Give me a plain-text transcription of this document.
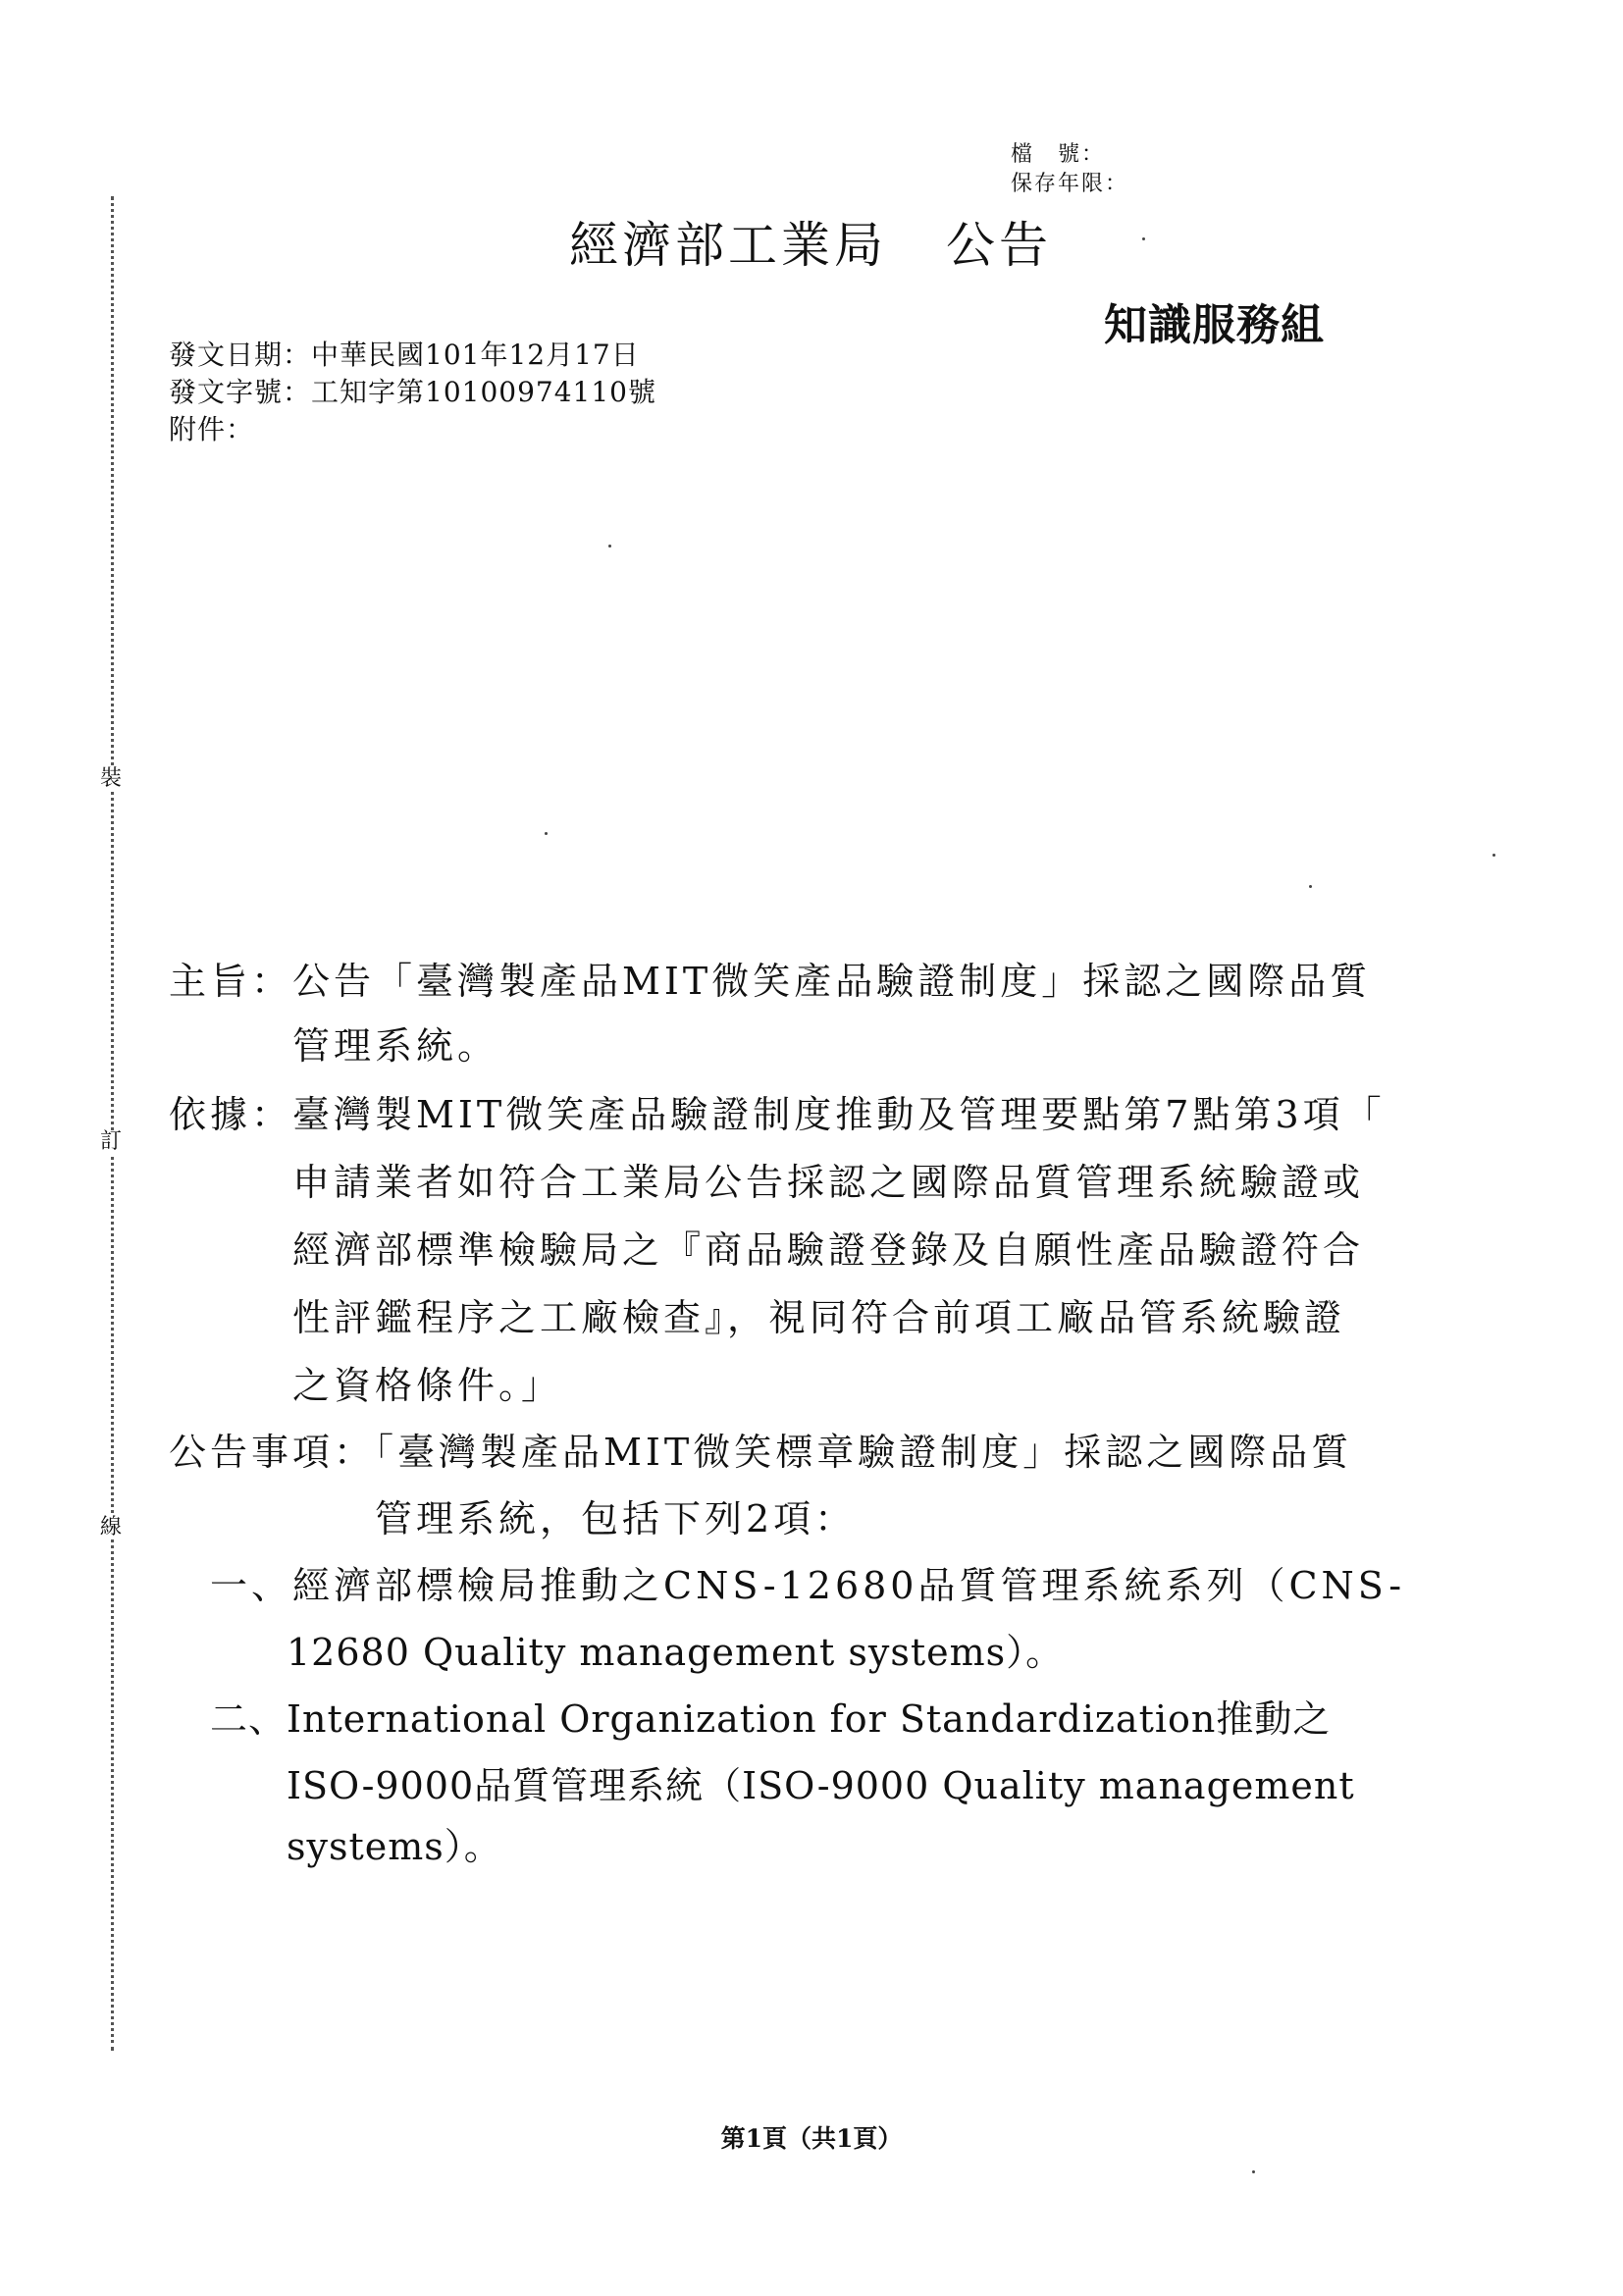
裝
訂
線
檔　號：
保存年限：
經濟部工業局 公告
知識服務組
發文日期：中華民國101年12月17日
發文字號：工知字第10100974110號
附件：
主旨：公告「臺灣製產品MIT微笑產品驗證制度」採認之國際品質
管理系統。
依據：臺灣製MIT微笑產品驗證制度推動及管理要點第7點第3項「
申請業者如符合工業局公告採認之國際品質管理系統驗證或
經濟部標準檢驗局之『商品驗證登錄及自願性產品驗證符合
性評鑑程序之工廠檢查』，視同符合前項工廠品管系統驗證
之資格條件。」
公告事項：「臺灣製產品MIT微笑標章驗證制度」採認之國際品質
管理系統，包括下列2項：
一、經濟部標檢局推動之CNS-12680品質管理系統系列（CNS-
12680 Quality management systems）。
二、International Organization for Standardization推動之
ISO-9000品質管理系統（ISO-9000 Quality management
systems）。
第1頁（共1頁）
